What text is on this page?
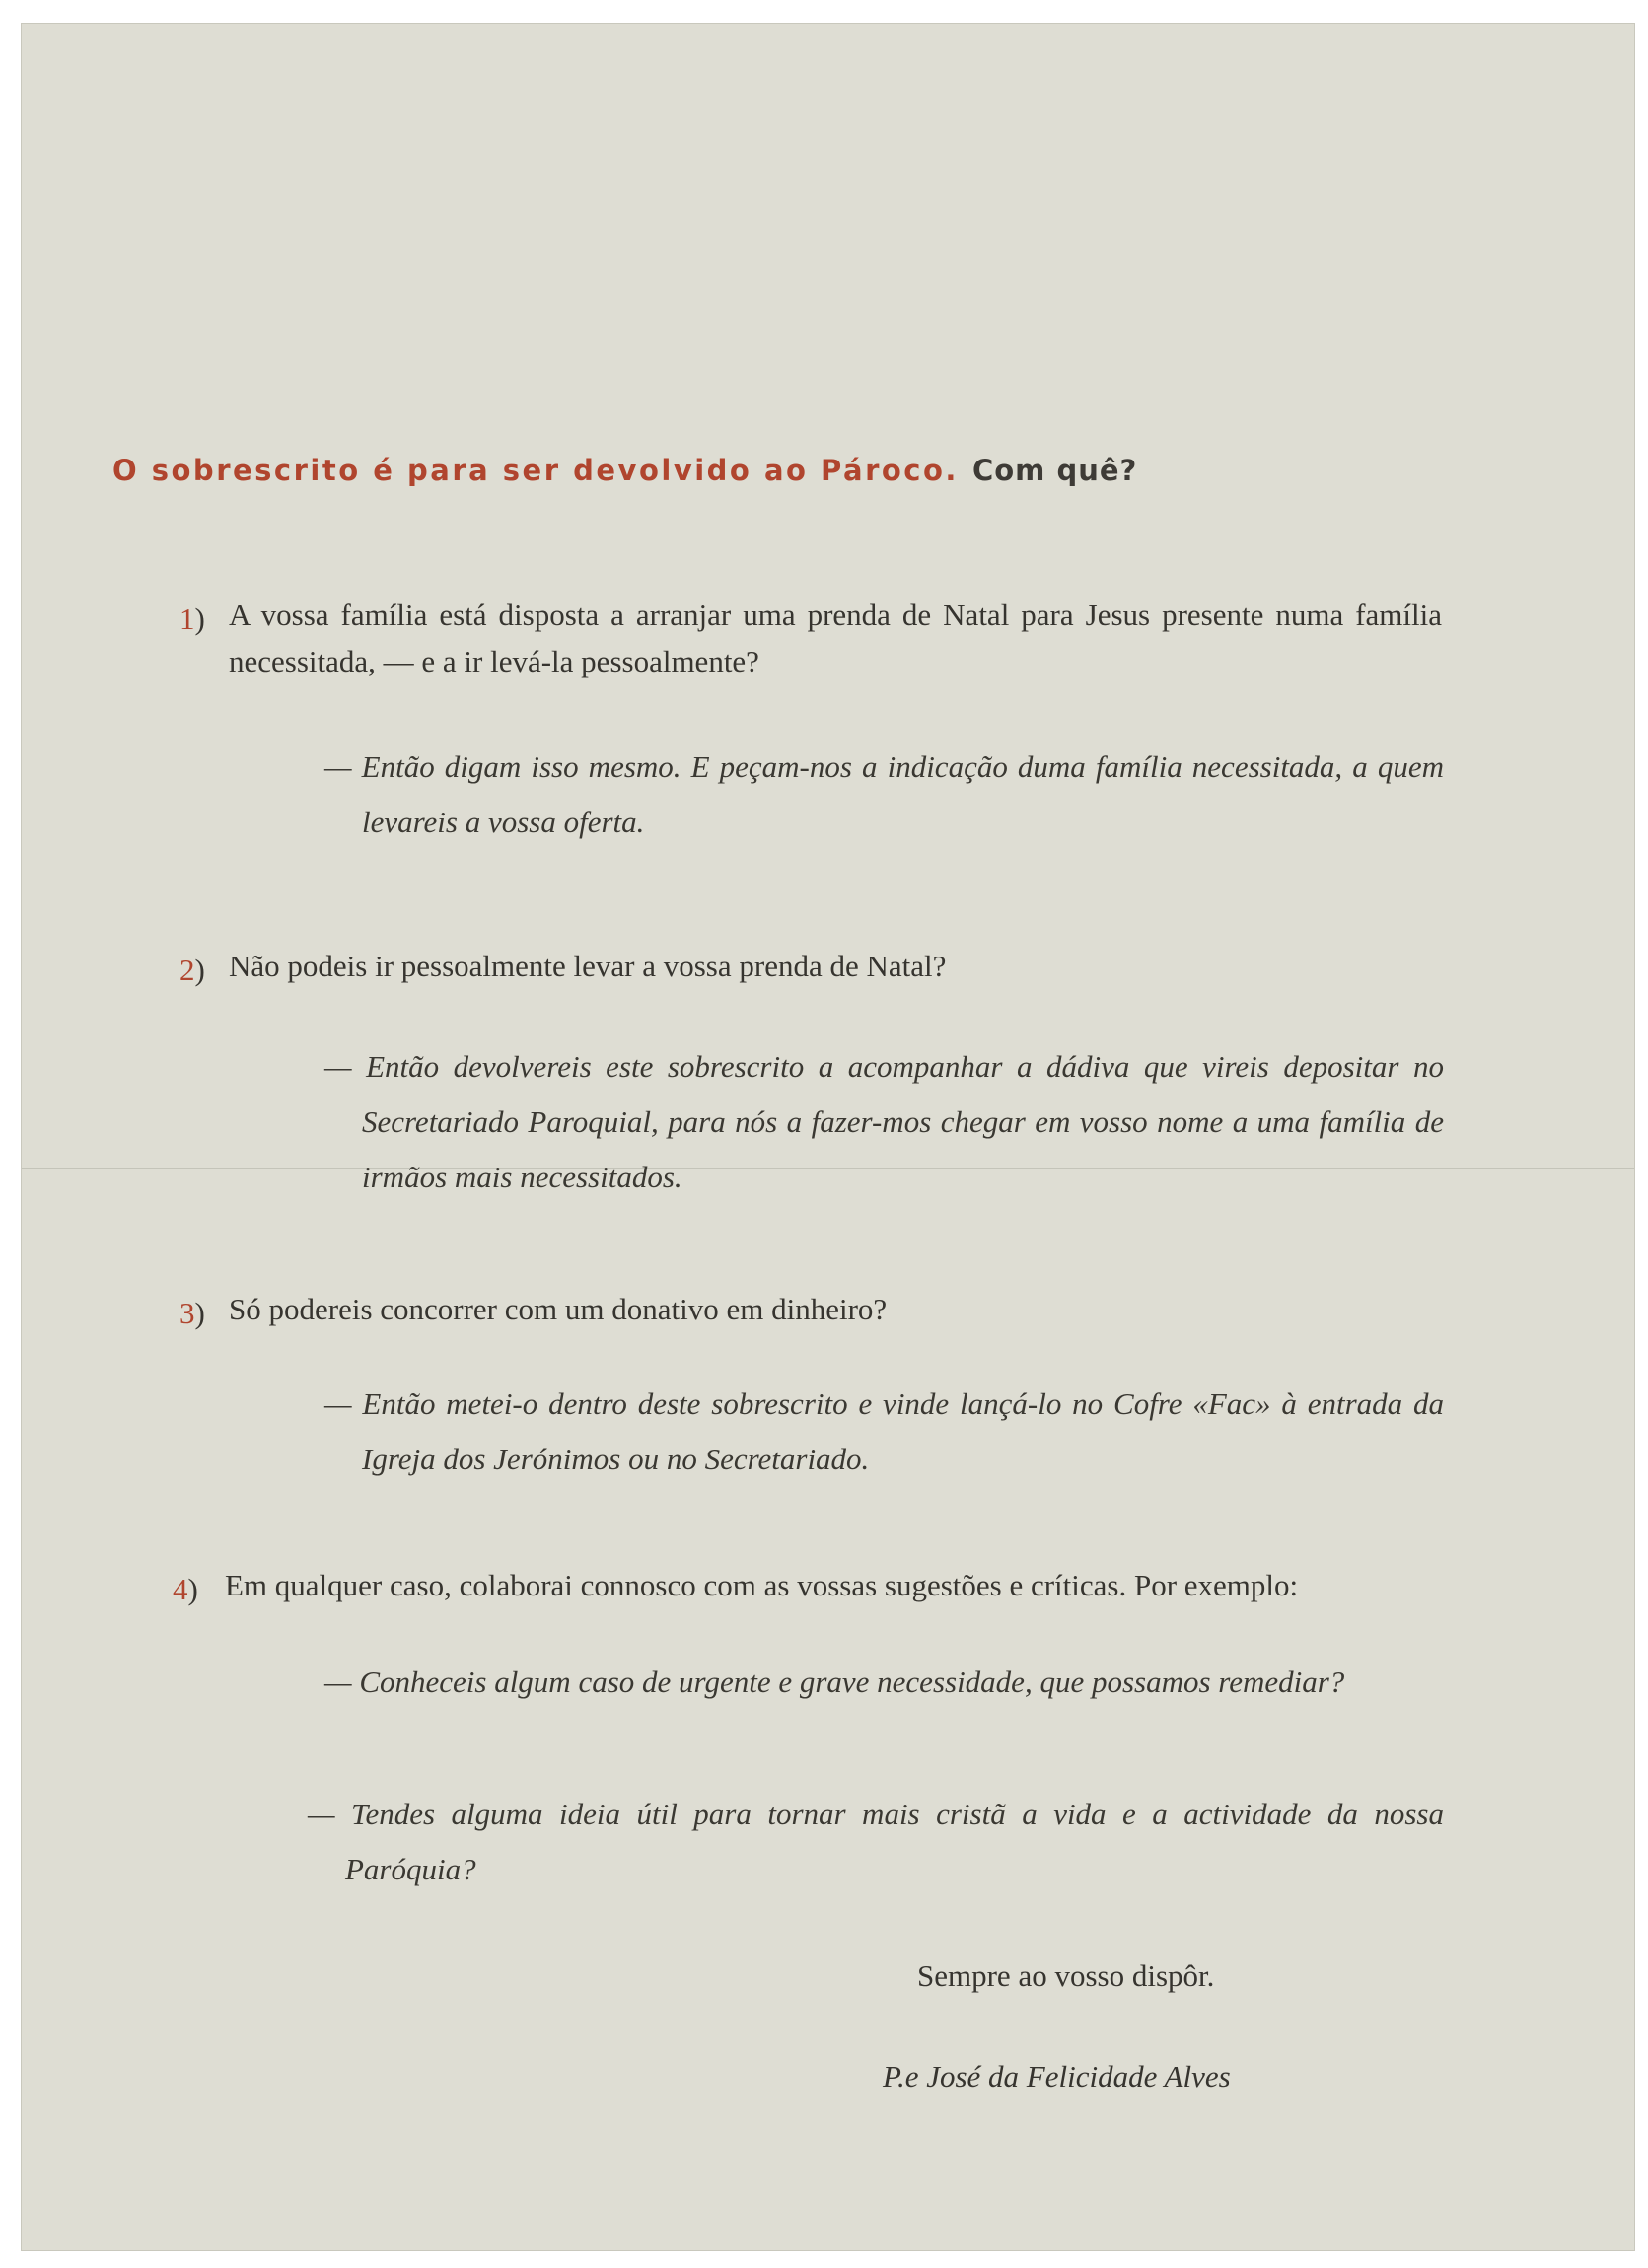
O sobrescrito é para ser devolvido ao Pároco. Com quê?
1) A vossa família está disposta a arranjar uma prenda de Natal para Jesus presente numa família necessitada, — e a ir levá-la pessoalmente?
— Então digam isso mesmo. E peçam-nos a indicação duma família necessitada, a quem levareis a vossa oferta.
2) Não podeis ir pessoalmente levar a vossa prenda de Natal?
— Então devolvereis este sobrescrito a acompanhar a dádiva que vireis depositar no Secretariado Paroquial, para nós a fazer-mos chegar em vosso nome a uma família de irmãos mais necessitados.
3) Só podereis concorrer com um donativo em dinheiro?
— Então metei-o dentro deste sobrescrito e vinde lançá-lo no Cofre «Fac» à entrada da Igreja dos Jerónimos ou no Secretariado.
4) Em qualquer caso, colaborai connosco com as vossas sugestões e críticas. Por exemplo:
— Conheceis algum caso de urgente e grave necessidade, que possamos remediar?
— Tendes alguma ideia útil para tornar mais cristã a vida e a actividade da nossa Paróquia?
Sempre ao vosso dispôr.
P.e José da Felicidade Alves
